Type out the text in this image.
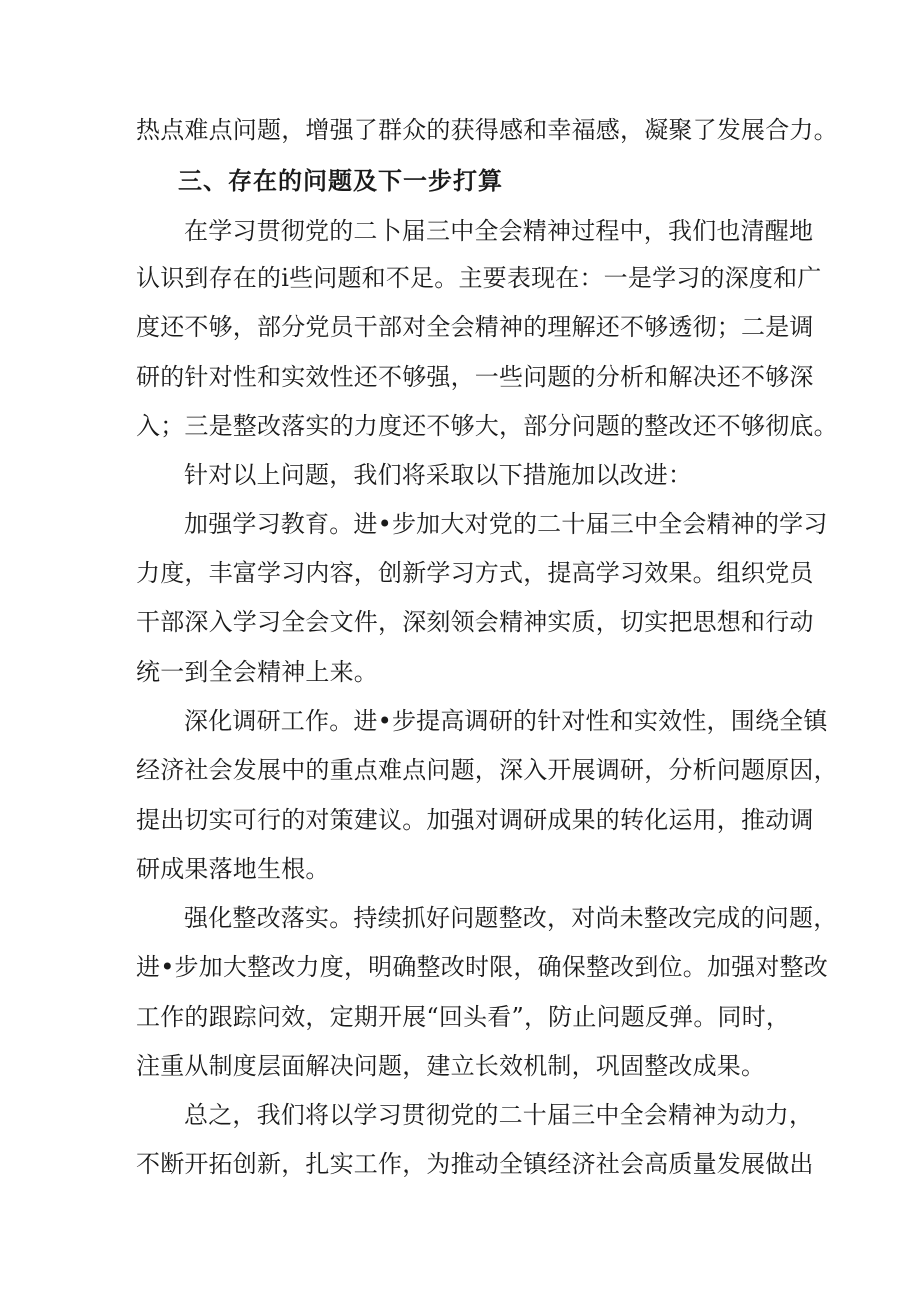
热点难点问题，增强了群众的获得感和幸福感，凝聚了发展合力。
三、存在的问题及下一步打算
在学习贯彻党的二卜届三中全会精神过程中，我们也清醒地
认识到存在的i些问题和不足。主要表现在：一是学习的深度和广
度还不够，部分党员干部对全会精神的理解还不够透彻；二是调
研的针对性和实效性还不够强，一些问题的分析和解决还不够深
入；三是整改落实的力度还不够大，部分问题的整改还不够彻底。
针对以上问题，我们将采取以下措施加以改进：
加强学习教育。进•步加大对党的二十届三中全会精神的学习
力度，丰富学习内容，创新学习方式，提高学习效果。组织党员
干部深入学习全会文件，深刻领会精神实质，切实把思想和行动
统一到全会精神上来。
深化调研工作。进•步提高调研的针对性和实效性，围绕全镇
经济社会发展中的重点难点问题，深入开展调研，分析问题原因，
提出切实可行的对策建议。加强对调研成果的转化运用，推动调
研成果落地生根。
强化整改落实。持续抓好问题整改，对尚未整改完成的问题，
进•步加大整改力度，明确整改时限，确保整改到位。加强对整改
工作的跟踪问效，定期开展“回头看”，防止问题反弹。同时，
注重从制度层面解决问题，建立长效机制，巩固整改成果。
总之，我们将以学习贯彻党的二十届三中全会精神为动力，
不断开拓创新，扎实工作，为推动全镇经济社会高质量发展做出
